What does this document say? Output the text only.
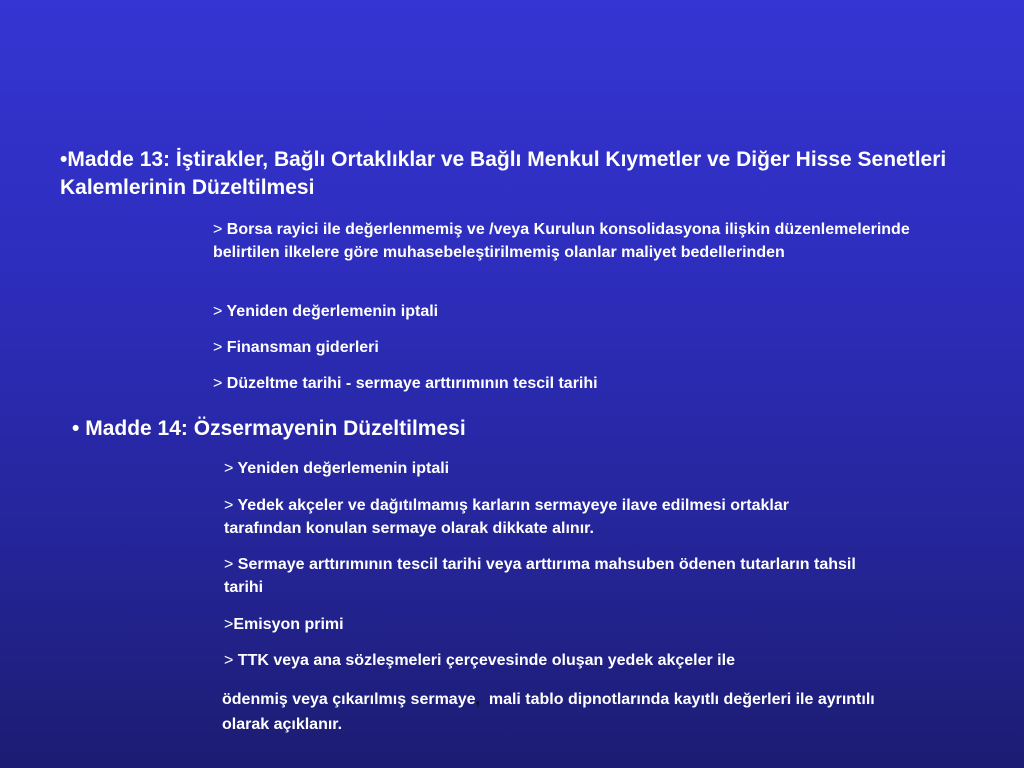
•Madde 13: İştirakler, Bağlı Ortaklıklar ve Bağlı Menkul Kıymetler ve Diğer Hisse Senetleri Kalemlerinin Düzeltilmesi

> Borsa rayici ile değerlenmemiş ve /veya Kurulun konsolidasyona ilişkin düzenlemelerinde belirtilen ilkelere göre muhasebeleştirilmemiş olanlar maliyet bedellerinden

> Yeniden değerlemenin iptali

> Finansman giderleri

> Düzeltme tarihi - sermaye arttırımının tescil tarihi

• Madde 14: Özsermayenin Düzeltilmesi

> Yeniden değerlemenin iptali

> Yedek akçeler ve dağıtılmamış karların sermayeye ilave edilmesi ortaklar tarafından konulan sermaye olarak dikkate alınır.

> Sermaye arttırımının tescil tarihi veya arttırıma mahsuben ödenen tutarların tahsil tarihi

>Emisyon primi

> TTK veya ana sözleşmeleri çerçevesinde oluşan yedek akçeler ile

ödenmiş veya çıkarılmış sermaye,  mali tablo dipnotlarında kayıtlı değerleri ile ayrıntılı olarak açıklanır.
